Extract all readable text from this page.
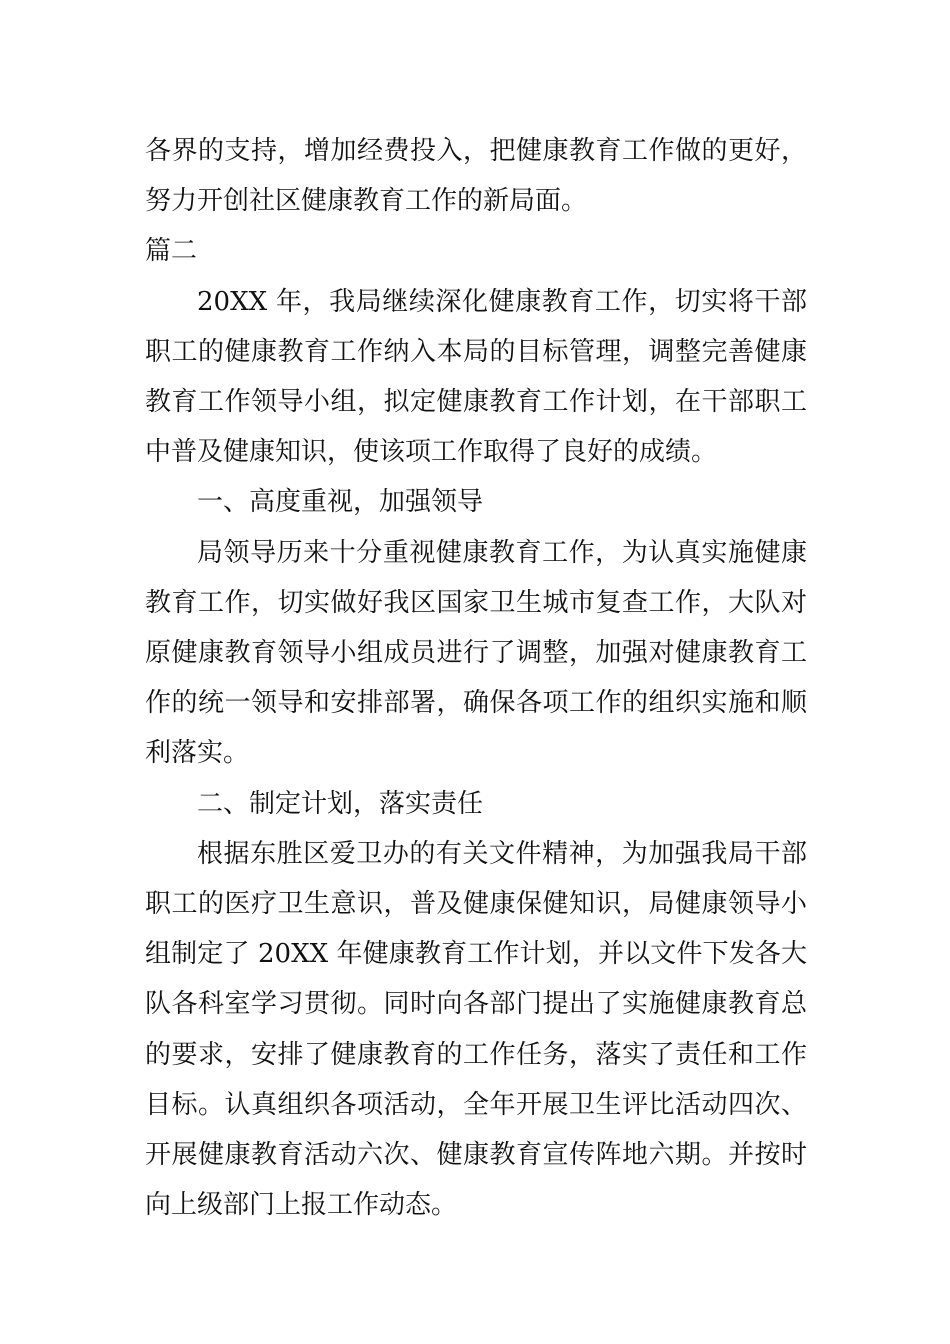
各界的支持，增加经费投入，把健康教育工作做的更好，努力开创社区健康教育工作的新局面。

篇二

20XX 年，我局继续深化健康教育工作，切实将干部职工的健康教育工作纳入本局的目标管理，调整完善健康教育工作领导小组，拟定健康教育工作计划，在干部职工中普及健康知识，使该项工作取得了良好的成绩。

一、高度重视，加强领导

局领导历来十分重视健康教育工作，为认真实施健康教育工作，切实做好我区国家卫生城市复查工作，大队对原健康教育领导小组成员进行了调整，加强对健康教育工作的统一领导和安排部署，确保各项工作的组织实施和顺利落实。

二、制定计划，落实责任

根据东胜区爱卫办的有关文件精神，为加强我局干部职工的医疗卫生意识，普及健康保健知识，局健康领导小组制定了 20XX 年健康教育工作计划，并以文件下发各大队各科室学习贯彻。同时向各部门提出了实施健康教育总的要求，安排了健康教育的工作任务，落实了责任和工作目标。认真组织各项活动，全年开展卫生评比活动四次、开展健康教育活动六次、健康教育宣传阵地六期。并按时向上级部门上报工作动态。
